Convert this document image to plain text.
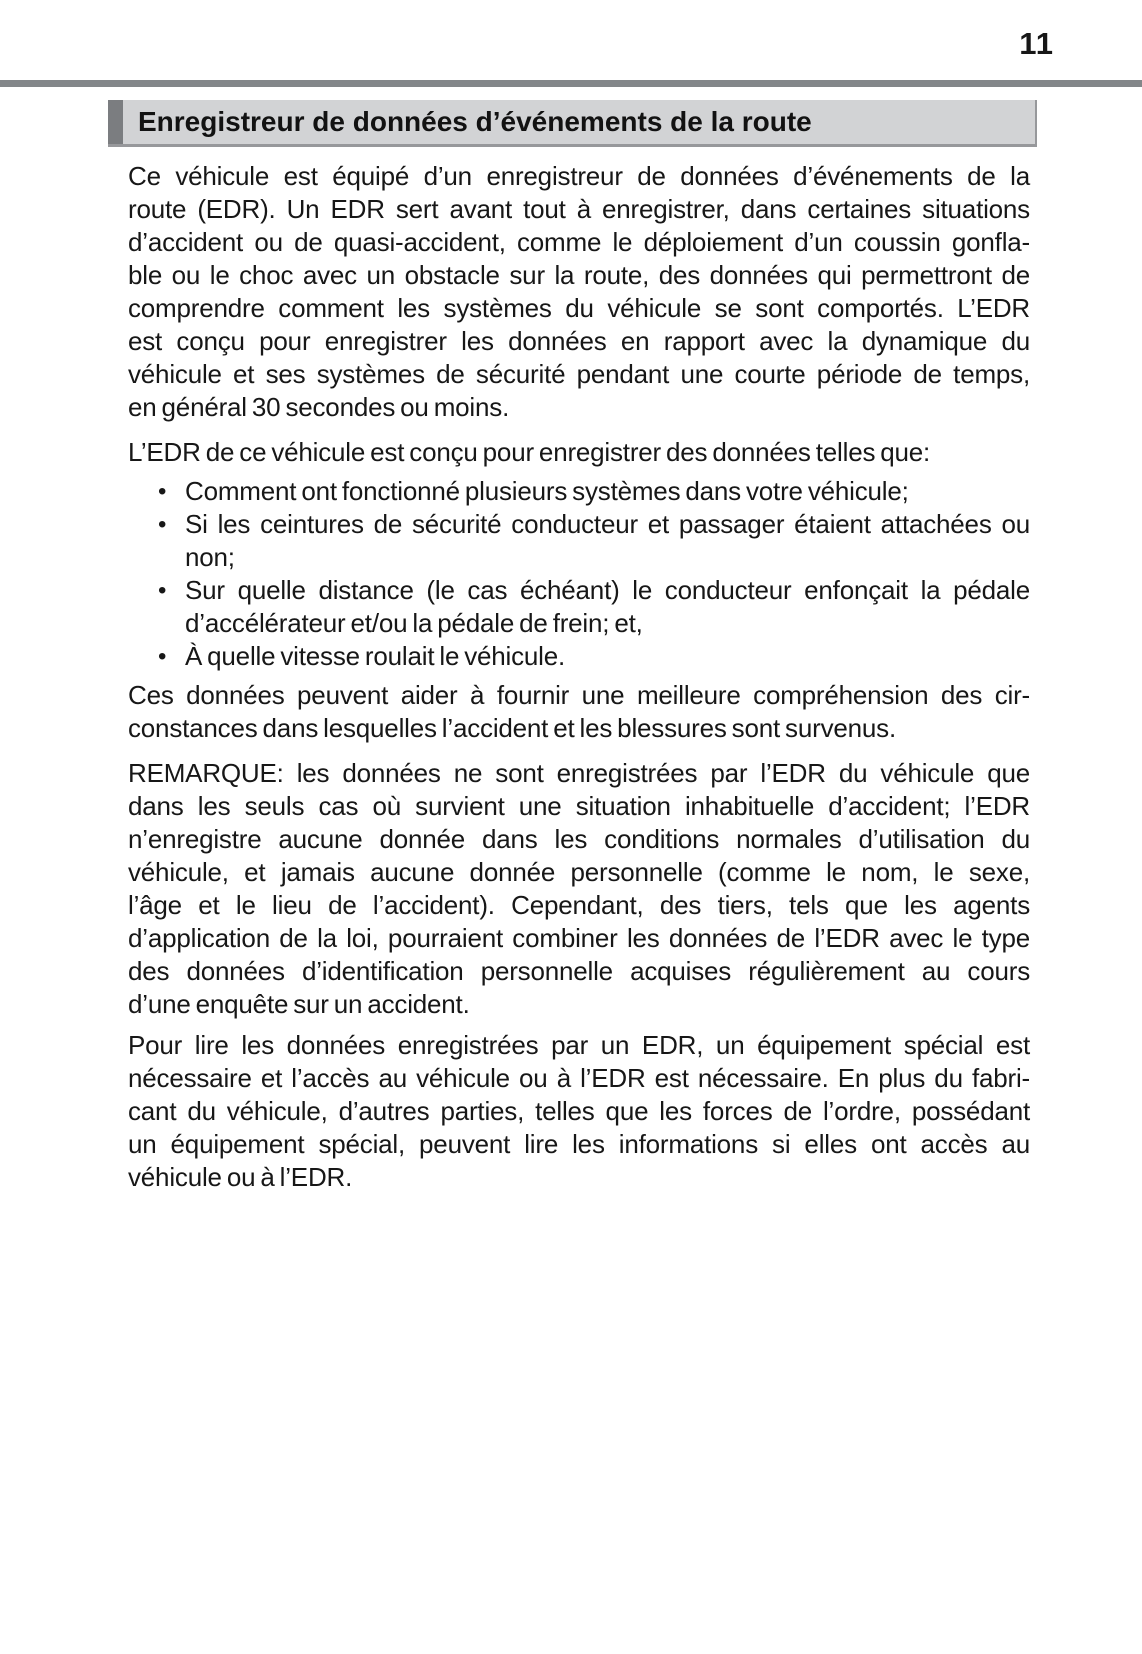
11
Enregistreur de données d’événements de la route
Ce véhicule est équipé d’un enregistreur de données d’événements de la
route (EDR). Un EDR sert avant tout à enregistrer, dans certaines situations
d’accident ou de quasi-accident, comme le déploiement d’un coussin gonfla-
ble ou le choc avec un obstacle sur la route, des données qui permettront de
comprendre comment les systèmes du véhicule se sont comportés. L’EDR
est conçu pour enregistrer les données en rapport avec la dynamique du
véhicule et ses systèmes de sécurité pendant une courte période de temps,
en général 30 secondes ou moins.
L’EDR de ce véhicule est conçu pour enregistrer des données telles que:
• Comment ont fonctionné plusieurs systèmes dans votre véhicule;
• Si les ceintures de sécurité conducteur et passager étaient attachées ou
non;
• Sur quelle distance (le cas échéant) le conducteur enfonçait la pédale
d’accélérateur et/ou la pédale de frein; et,
• À quelle vitesse roulait le véhicule.
Ces données peuvent aider à fournir une meilleure compréhension des cir-
constances dans lesquelles l’accident et les blessures sont survenus.
REMARQUE: les données ne sont enregistrées par l’EDR du véhicule que
dans les seuls cas où survient une situation inhabituelle d’accident; l’EDR
n’enregistre aucune donnée dans les conditions normales d’utilisation du
véhicule, et jamais aucune donnée personnelle (comme le nom, le sexe,
l’âge et le lieu de l’accident). Cependant, des tiers, tels que les agents
d’application de la loi, pourraient combiner les données de l’EDR avec le type
des données d’identification personnelle acquises régulièrement au cours
d’une enquête sur un accident.
Pour lire les données enregistrées par un EDR, un équipement spécial est
nécessaire et l’accès au véhicule ou à l’EDR est nécessaire. En plus du fabri-
cant du véhicule, d’autres parties, telles que les forces de l’ordre, possédant
un équipement spécial, peuvent lire les informations si elles ont accès au
véhicule ou à l’EDR.
